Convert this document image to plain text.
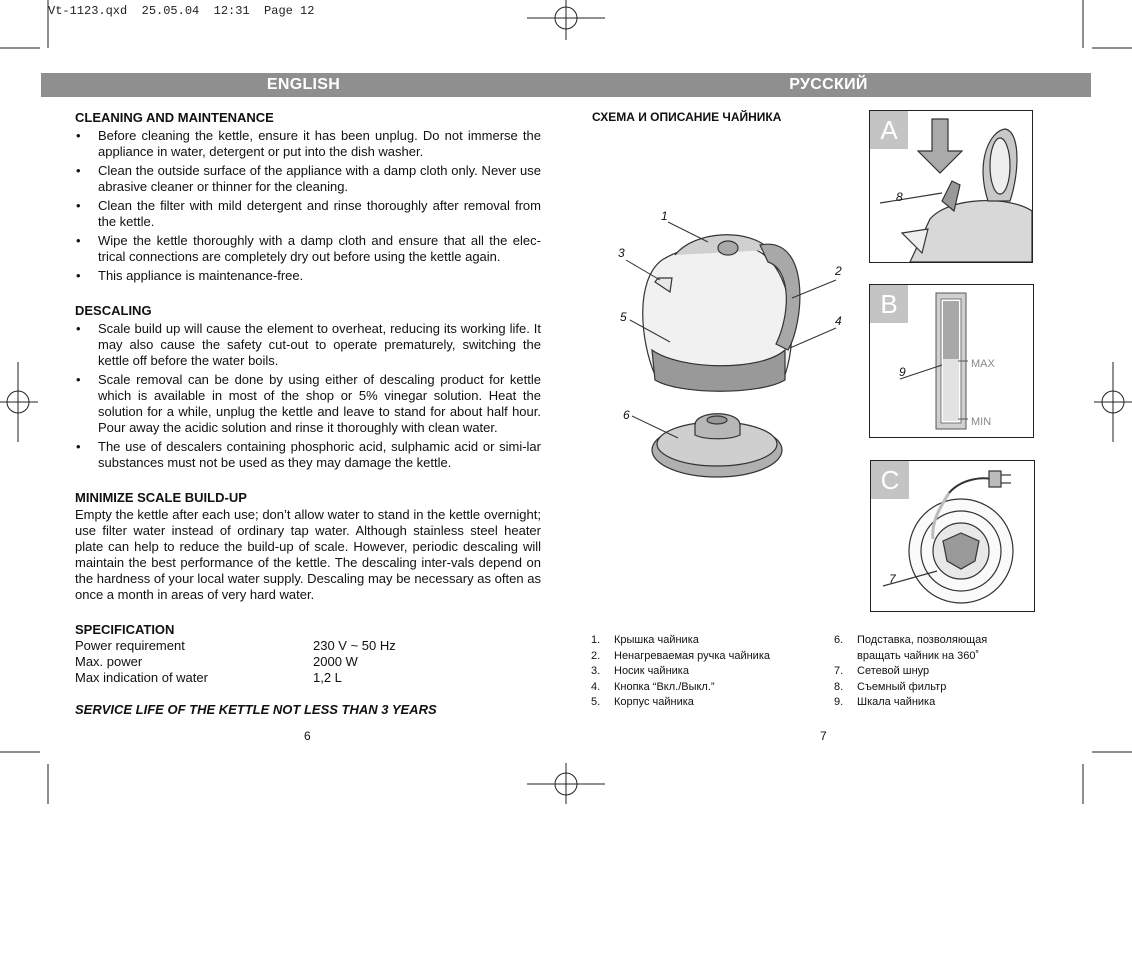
Vt-1123.qxd  25.05.04  12:31  Page 12
ENGLISH	РУССКИЙ
CLEANING AND MAINTENANCE
• Before cleaning the kettle, ensure it has been unplug. Do not immerse the appliance in water, detergent or put into the dish washer.
• Clean the outside surface of the appliance with a damp cloth only. Never use abrasive cleaner or thinner for the cleaning.
• Clean the filter with mild detergent and rinse thoroughly after removal from the kettle.
• Wipe the kettle thoroughly with a damp cloth and ensure that all the elec-trical connections are completely dry out before using the kettle again.
• This appliance is maintenance-free.
DESCALING
• Scale build up will cause the element to overheat, reducing its working life. It may also cause the safety cut-out to operate prematurely, switching the kettle off before the water boils.
• Scale removal can be done by using either of descaling product for kettle which is available in most of the shop or 5% vinegar solution. Heat the solution for a while, unplug the kettle and leave to stand for about half hour. Pour away the acidic solution and rinse it thoroughly with clean water.
• The use of descalers containing phosphoric acid, sulphamic acid or simi-lar substances must not be used as they may damage the kettle.
MINIMIZE SCALE BUILD-UP
Empty the kettle after each use; don’t allow water to stand in the kettle overnight; use filter water instead of ordinary tap water. Although stainless steel heater plate can help to reduce the build-up of scale. However, periodic descaling will maintain the best performance of the kettle. The descaling inter-vals depend on the hardness of your local water supply. Descaling may be necessary as often as once a month in areas of very hard water.
SPECIFICATION
Power requirement	230 V ~ 50 Hz
Max. power	2000 W
Max indication of water	1,2 L
SERVICE LIFE OF THE KETTLE NOT LESS THAN 3 YEARS
6
СХЕМА И ОПИСАНИЕ ЧАЙНИКА
1
3
2
5	4
6
A
8
B
MAX
MIN
9
C
7
1. Крышка чайника
2. Ненагреваемая ручка чайника
3. Носик чайника
4. Кнопка “Вкл./Выкл.”
5. Корпус чайника
6. Подставка, позволяющая
вращать чайник на 360˚
7. Сетевой шнур
8. Съемный фильтр
9. Шкала чайника
7
